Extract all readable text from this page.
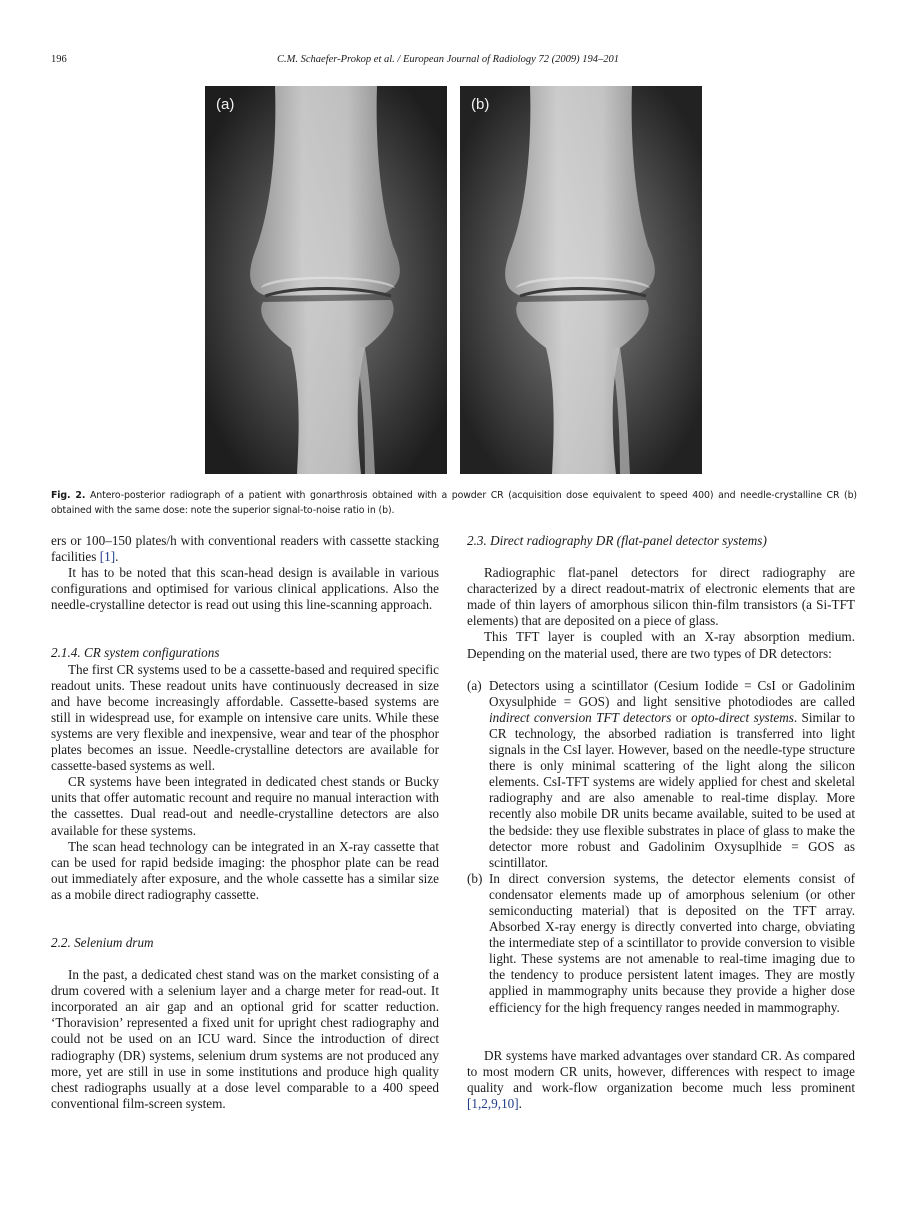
196	C.M. Schaefer-Prokop et al. / European Journal of Radiology 72 (2009) 194–201
(a)	(b)
Fig. 2. Antero-posterior radiograph of a patient with gonarthrosis obtained with a powder CR (acquisition dose equivalent to speed 400) and needle-crystalline CR (b) obtained with the same dose: note the superior signal-to-noise ratio in (b).

ers or 100–150 plates/h with conventional readers with cassette stacking facilities [1].

It has to be noted that this scan-head design is available in various configurations and optimised for various clinical applications. Also the needle-crystalline detector is read out using this line-scanning approach.

2.1.4. CR system configurations

The first CR systems used to be a cassette-based and required specific readout units. These readout units have continuously decreased in size and have become increasingly affordable. Cassette-based systems are still in widespread use, for example on intensive care units. While these systems are very flexible and inexpensive, wear and tear of the phosphor plates becomes an issue. Needle-crystalline detectors are available for cassette-based systems as well.

CR systems have been integrated in dedicated chest stands or Bucky units that offer automatic recount and require no manual interaction with the cassettes. Dual read-out and needle-crystalline detectors are also available for these systems.

The scan head technology can be integrated in an X-ray cassette that can be used for rapid bedside imaging: the phosphor plate can be read out immediately after exposure, and the whole cassette has a similar size as a mobile direct radiography cassette.

2.2. Selenium drum

In the past, a dedicated chest stand was on the market consisting of a drum covered with a selenium layer and a charge meter for read-out. It incorporated an air gap and an optional grid for scatter reduction. ‘Thoravision’ represented a fixed unit for upright chest radiography and could not be used on an ICU ward. Since the introduction of direct radiography (DR) systems, selenium drum systems are not produced any more, yet are still in use in some institutions and produce high quality chest radiographs usually at a dose level comparable to a 400 speed conventional film-screen system.

2.3. Direct radiography DR (flat-panel detector systems)

Radiographic flat-panel detectors for direct radiography are characterized by a direct readout-matrix of electronic elements that are made of thin layers of amorphous silicon thin-film transistors (a Si-TFT elements) that are deposited on a piece of glass.

This TFT layer is coupled with an X-ray absorption medium. Depending on the material used, there are two types of DR detectors:

(a) Detectors using a scintillator (Cesium Iodide = CsI or Gadolinim Oxysulphide = GOS) and light sensitive photodiodes are called indirect conversion TFT detectors or opto-direct systems. Similar to CR technology, the absorbed radiation is transferred into light signals in the CsI layer. However, based on the needle-type structure there is only minimal scattering of the light along the silicon elements. CsI-TFT systems are widely applied for chest and skeletal radiography and are also amenable to real-time display. More recently also mobile DR units became available, suited to be used at the bedside: they use flexible substrates in place of glass to make the detector more robust and Gadolinim Oxysuplhide = GOS as scintillator.
(b) In direct conversion systems, the detector elements consist of condensator elements made up of amorphous selenium (or other semiconducting material) that is deposited on the TFT array. Absorbed X-ray energy is directly converted into charge, obviating the intermediate step of a scintillator to provide conversion to visible light. These systems are not amenable to real-time imaging due to the tendency to produce persistent latent images. They are mostly applied in mammography units because they provide a higher dose efficiency for the high frequency ranges needed in mammography.

DR systems have marked advantages over standard CR. As compared to most modern CR units, however, differences with respect to image quality and work-flow organization become much less prominent [1,2,9,10].
